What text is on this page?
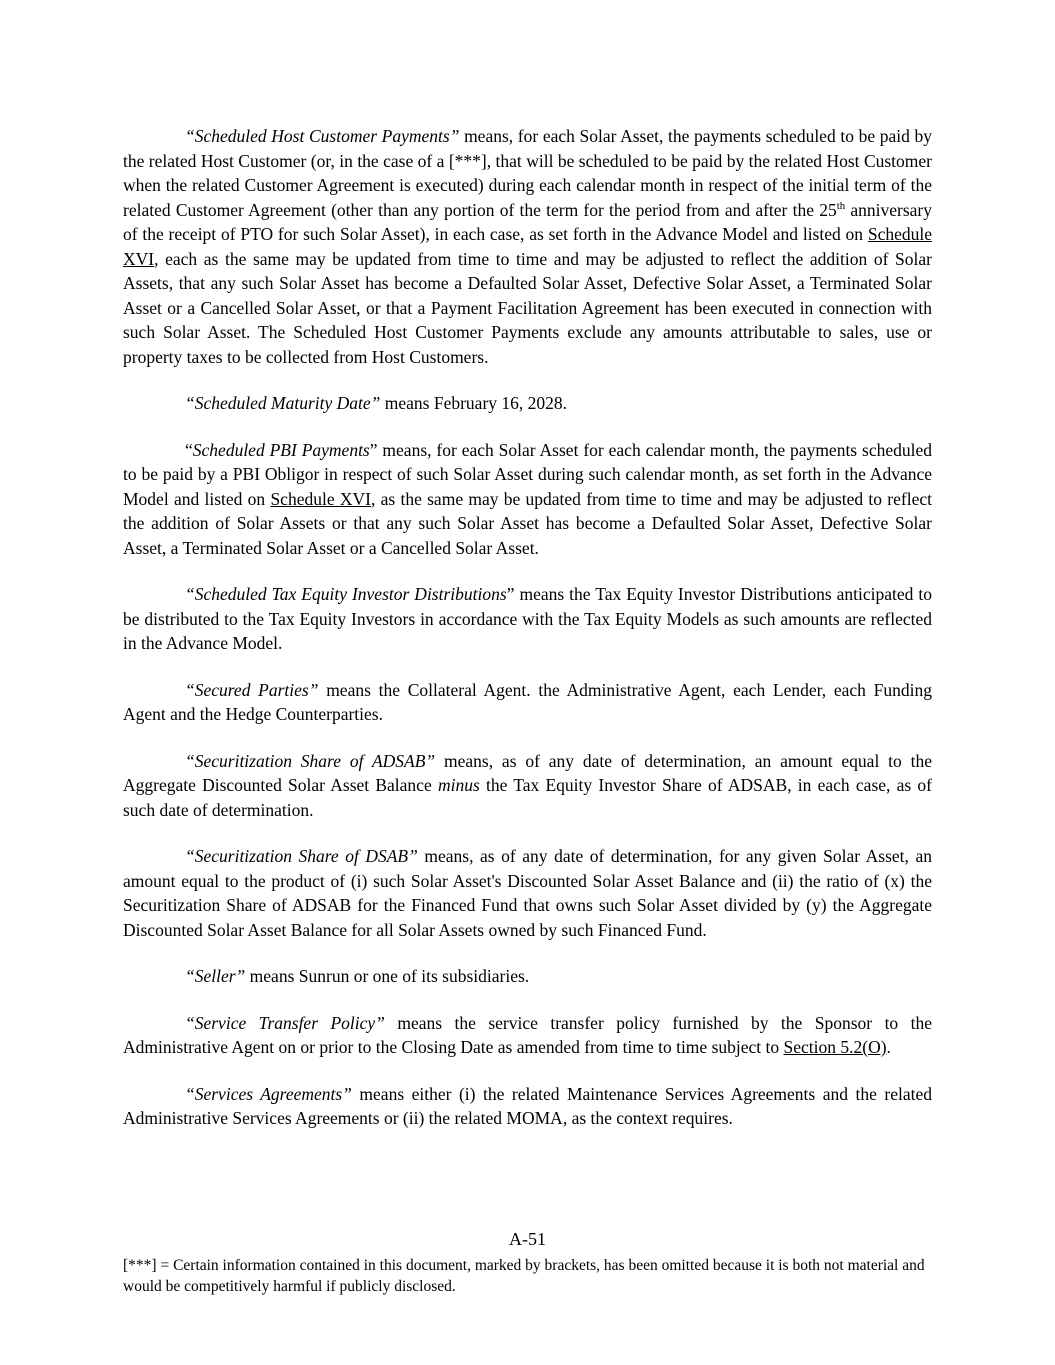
“Scheduled Host Customer Payments” means, for each Solar Asset, the payments scheduled to be paid by the related Host Customer (or, in the case of a [***], that will be scheduled to be paid by the related Host Customer when the related Customer Agreement is executed) during each calendar month in respect of the initial term of the related Customer Agreement (other than any portion of the term for the period from and after the 25th anniversary of the receipt of PTO for such Solar Asset), in each case, as set forth in the Advance Model and listed on Schedule XVI, each as the same may be updated from time to time and may be adjusted to reflect the addition of Solar Assets, that any such Solar Asset has become a Defaulted Solar Asset, Defective Solar Asset, a Terminated Solar Asset or a Cancelled Solar Asset, or that a Payment Facilitation Agreement has been executed in connection with such Solar Asset. The Scheduled Host Customer Payments exclude any amounts attributable to sales, use or property taxes to be collected from Host Customers.

“Scheduled Maturity Date” means February 16, 2028.

“Scheduled PBI Payments” means, for each Solar Asset for each calendar month, the payments scheduled to be paid by a PBI Obligor in respect of such Solar Asset during such calendar month, as set forth in the Advance Model and listed on Schedule XVI, as the same may be updated from time to time and may be adjusted to reflect the addition of Solar Assets or that any such Solar Asset has become a Defaulted Solar Asset, Defective Solar Asset, a Terminated Solar Asset or a Cancelled Solar Asset.

“Scheduled Tax Equity Investor Distributions” means the Tax Equity Investor Distributions anticipated to be distributed to the Tax Equity Investors in accordance with the Tax Equity Models as such amounts are reflected in the Advance Model.

“Secured Parties” means the Collateral Agent. the Administrative Agent, each Lender, each Funding Agent and the Hedge Counterparties.

“Securitization Share of ADSAB” means, as of any date of determination, an amount equal to the Aggregate Discounted Solar Asset Balance minus the Tax Equity Investor Share of ADSAB, in each case, as of such date of determination.

“Securitization Share of DSAB” means, as of any date of determination, for any given Solar Asset, an amount equal to the product of (i) such Solar Asset's Discounted Solar Asset Balance and (ii) the ratio of (x) the Securitization Share of ADSAB for the Financed Fund that owns such Solar Asset divided by (y) the Aggregate Discounted Solar Asset Balance for all Solar Assets owned by such Financed Fund.

“Seller” means Sunrun or one of its subsidiaries.

“Service Transfer Policy” means the service transfer policy furnished by the Sponsor to the Administrative Agent on or prior to the Closing Date as amended from time to time subject to Section 5.2(O).

“Services Agreements” means either (i) the related Maintenance Services Agreements and the related Administrative Services Agreements or (ii) the related MOMA, as the context requires.

A-51
[***] = Certain information contained in this document, marked by brackets, has been omitted because it is both not material and would be competitively harmful if publicly disclosed.
